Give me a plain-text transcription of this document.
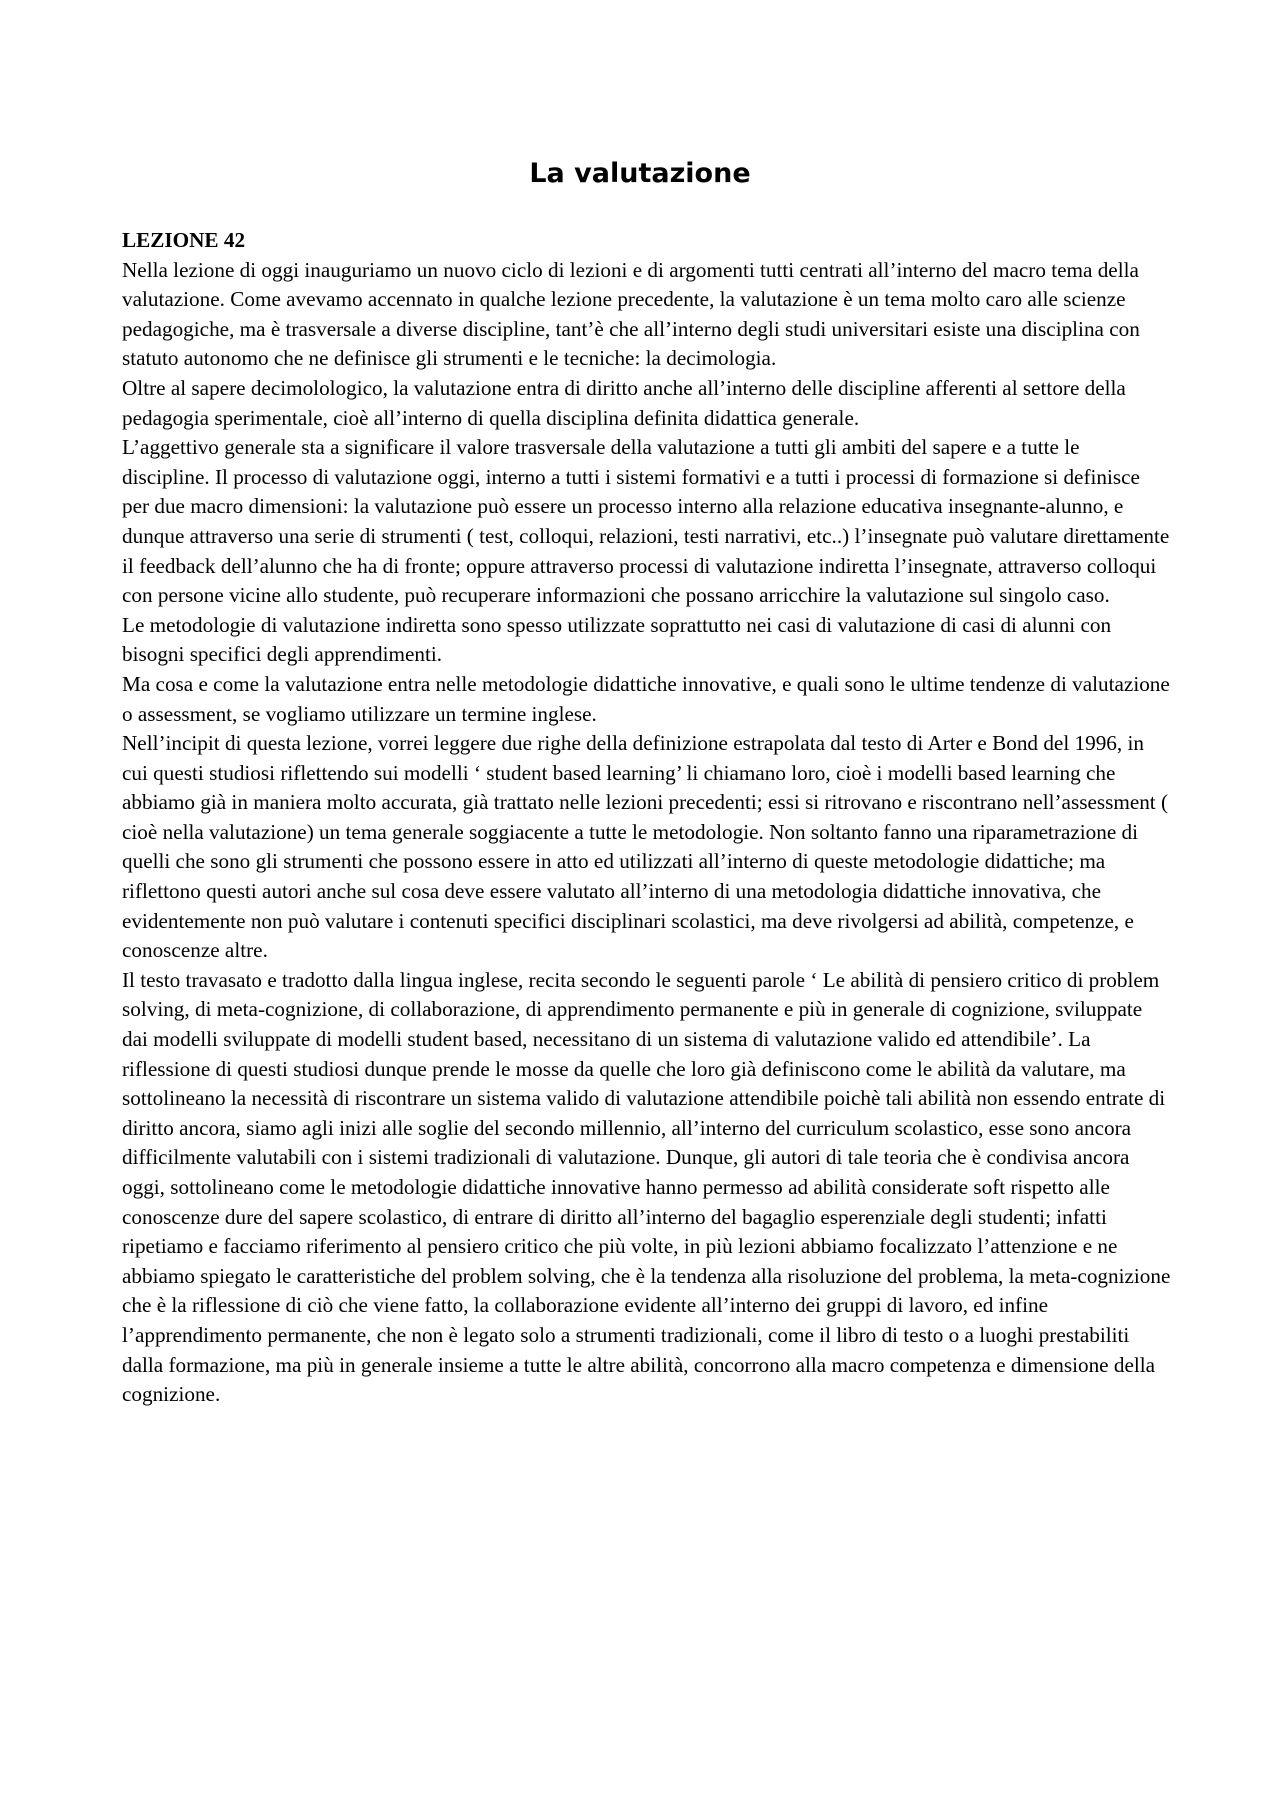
La valutazione

LEZIONE 42

Nella lezione di oggi inauguriamo un nuovo ciclo di lezioni e di argomenti tutti centrati all’interno del macro tema della valutazione. Come avevamo accennato in qualche lezione precedente, la valutazione è un tema molto caro alle scienze pedagogiche, ma è trasversale a diverse discipline, tant’è che all’interno degli studi universitari esiste una disciplina con statuto autonomo che ne definisce gli strumenti e le tecniche: la decimologia.

Oltre al sapere decimolologico, la valutazione entra di diritto anche all’interno delle discipline afferenti al settore della pedagogia sperimentale, cioè all’interno di quella disciplina definita didattica generale.

L’aggettivo generale sta a significare il valore trasversale della valutazione a tutti gli ambiti del sapere e a tutte le discipline. Il processo di valutazione oggi, interno a tutti i sistemi formativi e a tutti i processi di formazione si definisce per due macro dimensioni: la valutazione può essere un processo interno alla relazione educativa insegnante-alunno, e dunque attraverso una serie di strumenti ( test, colloqui, relazioni, testi narrativi, etc..) l’insegnate può valutare direttamente il feedback dell’alunno che ha di fronte; oppure attraverso processi di valutazione indiretta l’insegnate, attraverso colloqui con persone vicine allo studente, può recuperare informazioni che possano arricchire la valutazione sul singolo caso.

Le metodologie di valutazione indiretta sono spesso utilizzate soprattutto nei casi di valutazione di casi di alunni con bisogni specifici degli apprendimenti.

Ma cosa e come la valutazione entra nelle metodologie didattiche innovative, e quali sono le ultime tendenze di valutazione o assessment, se vogliamo utilizzare un termine inglese.

Nell’incipit di questa lezione, vorrei leggere due righe della definizione estrapolata dal testo di Arter e Bond del 1996, in cui questi studiosi riflettendo sui modelli ‘ student based learning’ li chiamano loro, cioè i modelli based learning che abbiamo già in maniera molto accurata, già trattato nelle lezioni precedenti; essi si ritrovano e riscontrano nell’assessment ( cioè nella valutazione) un tema generale soggiacente a tutte le metodologie. Non soltanto fanno una riparametrazione di quelli che sono gli strumenti che possono essere in atto ed utilizzati all’interno di queste metodologie didattiche; ma riflettono questi autori anche sul cosa deve essere valutato all’interno di una metodologia didattiche innovativa, che evidentemente non può valutare i contenuti specifici disciplinari scolastici, ma deve rivolgersi ad abilità, competenze, e conoscenze altre.

Il testo travasato e tradotto dalla lingua inglese, recita secondo le seguenti parole ‘ Le abilità di pensiero critico di problem solving, di meta-cognizione, di collaborazione, di apprendimento permanente e più in generale di cognizione, sviluppate dai modelli sviluppate di modelli student based, necessitano di un sistema di valutazione valido ed attendibile’. La riflessione di questi studiosi dunque prende le mosse da quelle che loro già definiscono come le abilità da valutare, ma sottolineano la necessità di riscontrare un sistema valido di valutazione attendibile poichè tali abilità non essendo entrate di diritto ancora, siamo agli inizi alle soglie del secondo millennio, all’interno del curriculum scolastico, esse sono ancora difficilmente valutabili con i sistemi tradizionali di valutazione. Dunque, gli autori di tale teoria che è condivisa ancora oggi, sottolineano come le metodologie didattiche innovative hanno permesso ad abilità considerate soft rispetto alle conoscenze dure del sapere scolastico, di entrare di diritto all’interno del bagaglio esperenziale degli studenti; infatti ripetiamo e facciamo riferimento al pensiero critico che più volte, in più lezioni abbiamo focalizzato l’attenzione e ne abbiamo spiegato le caratteristiche del problem solving, che è la tendenza alla risoluzione del problema, la meta-cognizione che è la riflessione di ciò che viene fatto, la collaborazione evidente all’interno dei gruppi di lavoro, ed infine l’apprendimento permanente, che non è legato solo a strumenti tradizionali, come il libro di testo o a luoghi prestabiliti dalla formazione, ma più in generale insieme a tutte le altre abilità, concorrono alla macro competenza e dimensione della cognizione.
